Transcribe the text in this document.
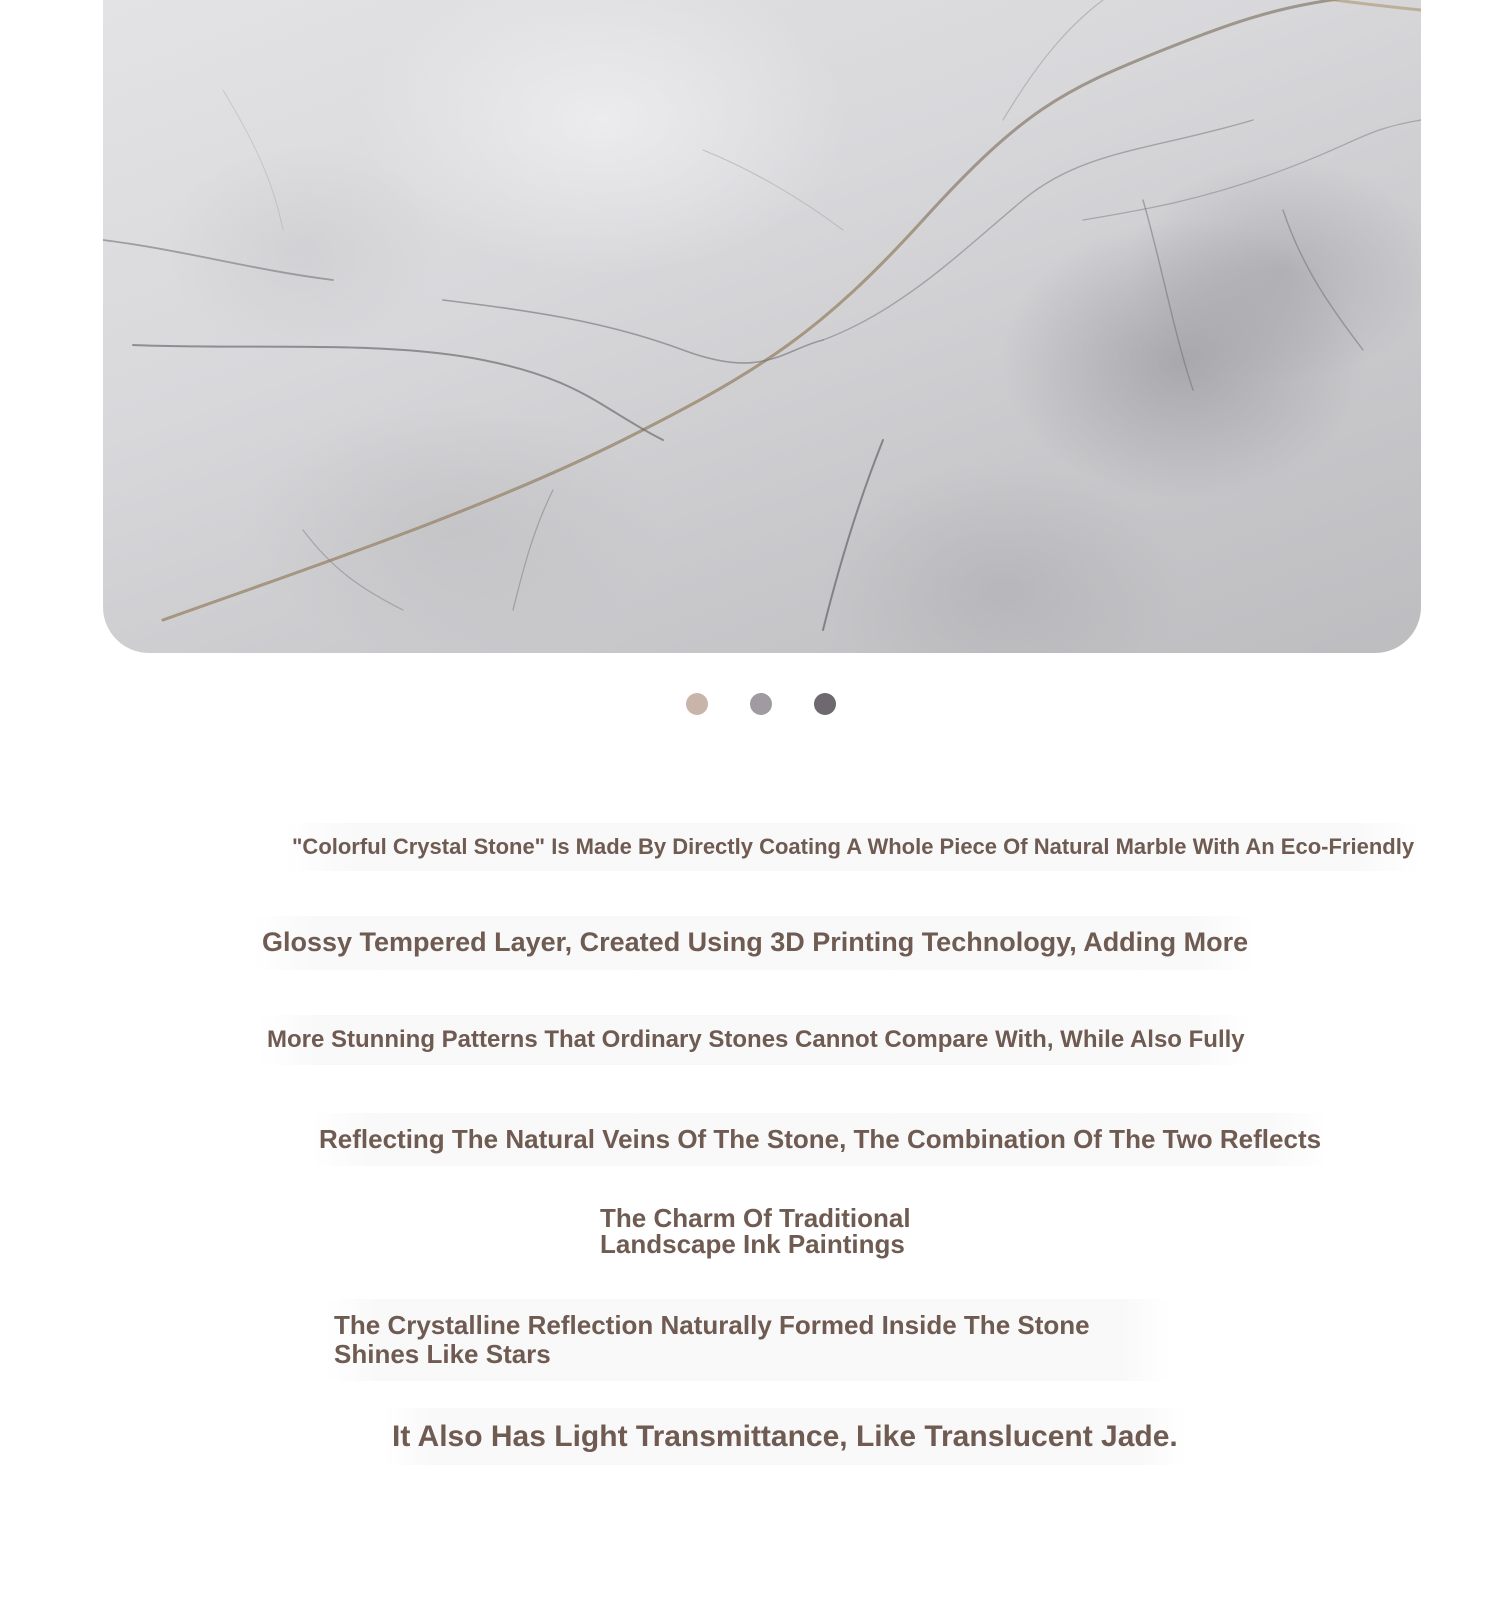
"Colorful Crystal Stone" Is Made By Directly Coating A Whole Piece Of Natural Marble With An Eco-Friendly
Glossy Tempered Layer, Created Using 3D Printing Technology, Adding More
More Stunning Patterns That Ordinary Stones Cannot Compare With, While Also Fully
Reflecting The Natural Veins Of The Stone, The Combination Of The Two Reflects
The Charm Of Traditional Landscape Ink Paintings
The Crystalline Reflection Naturally Formed Inside The Stone Shines Like Stars
It Also Has Light Transmittance, Like Translucent Jade.
